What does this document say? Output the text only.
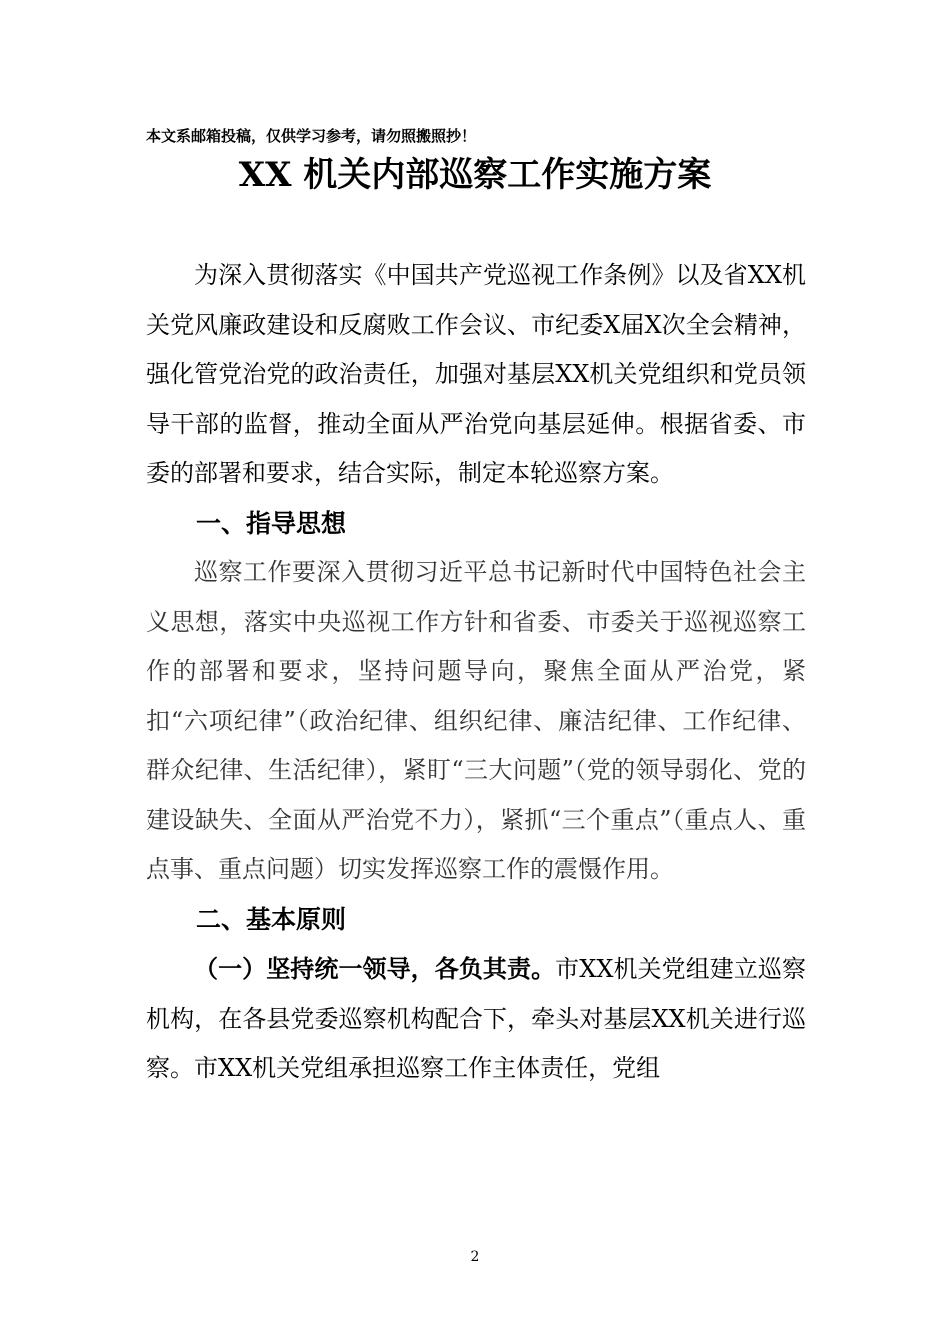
本文系邮箱投稿，仅供学习参考，请勿照搬照抄！
XX 机关内部巡察工作实施方案

为深入贯彻落实《中国共产党巡视工作条例》以及省XX机关党风廉政建设和反腐败工作会议、市纪委X届X次全会精神，强化管党治党的政治责任，加强对基层XX机关党组织和党员领导干部的监督，推动全面从严治党向基层延伸。根据省委、市委的部署和要求，结合实际，制定本轮巡察方案。

一、指导思想

巡察工作要深入贯彻习近平总书记新时代中国特色社会主义思想，落实中央巡视工作方针和省委、市委关于巡视巡察工作的部署和要求，坚持问题导向，聚焦全面从严治党，紧扣“六项纪律”（政治纪律、组织纪律、廉洁纪律、工作纪律、群众纪律、生活纪律），紧盯“三大问题”（党的领导弱化、党的建设缺失、全面从严治党不力），紧抓“三个重点”（重点人、重点事、重点问题）切实发挥巡察工作的震慑作用。

二、基本原则

（一）坚持统一领导，各负其责。市XX机关党组建立巡察机构，在各县党委巡察机构配合下，牵头对基层XX机关进行巡察。市XX机关党组承担巡察工作主体责任，党组

2
